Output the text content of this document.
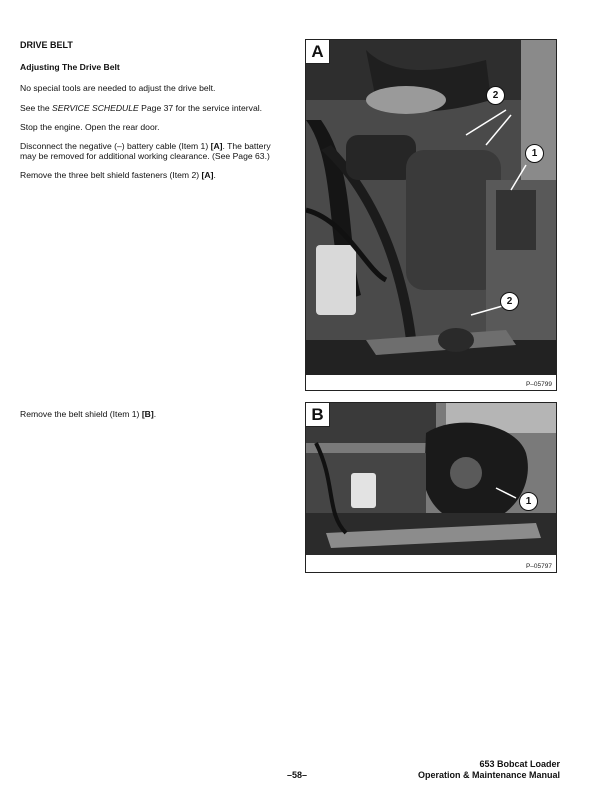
DRIVE BELT

Adjusting The Drive Belt

No special tools are needed to adjust the drive belt.

See the SERVICE SCHEDULE Page 37 for the service interval.

Stop the engine. Open the rear door.

Disconnect the negative (–) battery cable (Item 1) [A]. The battery may be removed for additional working clearance. (See Page 63.)

Remove the three belt shield fasteners (Item 2) [A].

Remove the belt shield (Item 1) [B].

A
2
1
2
P–05799
B
1
P–05797
–58–
653 Bobcat Loader
Operation & Maintenance Manual
